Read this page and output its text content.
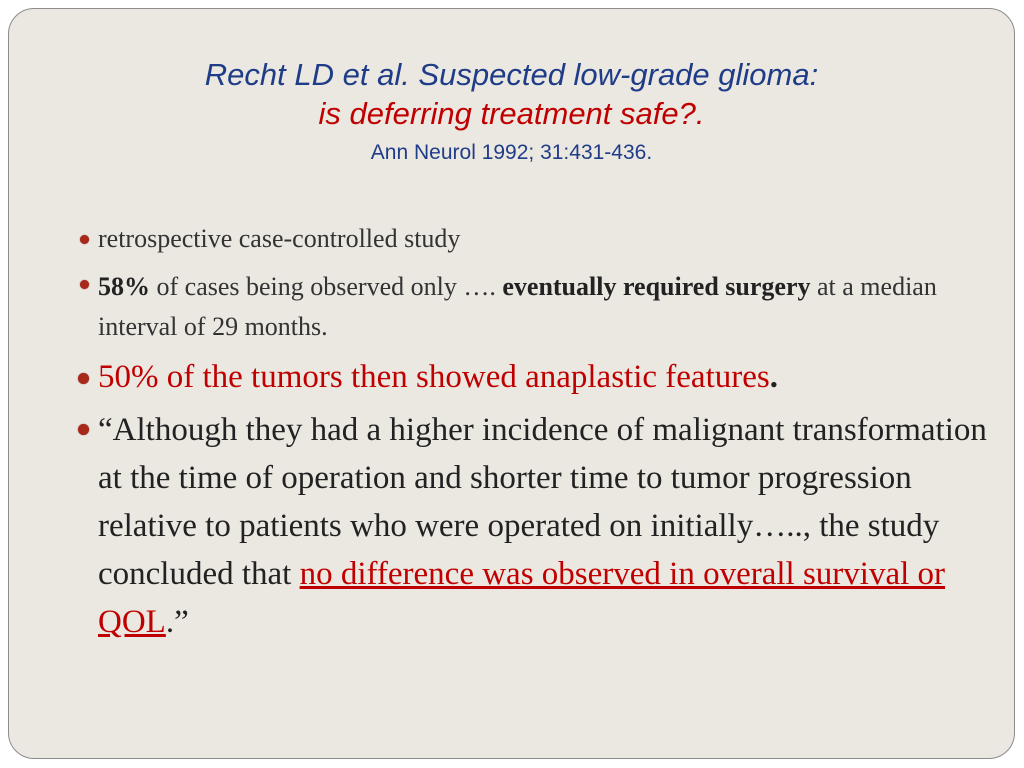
Recht LD et al. Suspected low-grade glioma:
is deferring treatment safe?.
Ann Neurol 1992; 31:431-436.
retrospective case-controlled study
58% of cases being observed only …. eventually required surgery at a median interval of 29 months.
50% of the tumors then showed anaplastic features.
“Although they had a higher incidence of malignant transformation at the time of operation and shorter time to tumor progression relative to patients who were operated on initially….., the study concluded that no difference was observed in overall survival or QOL.”
